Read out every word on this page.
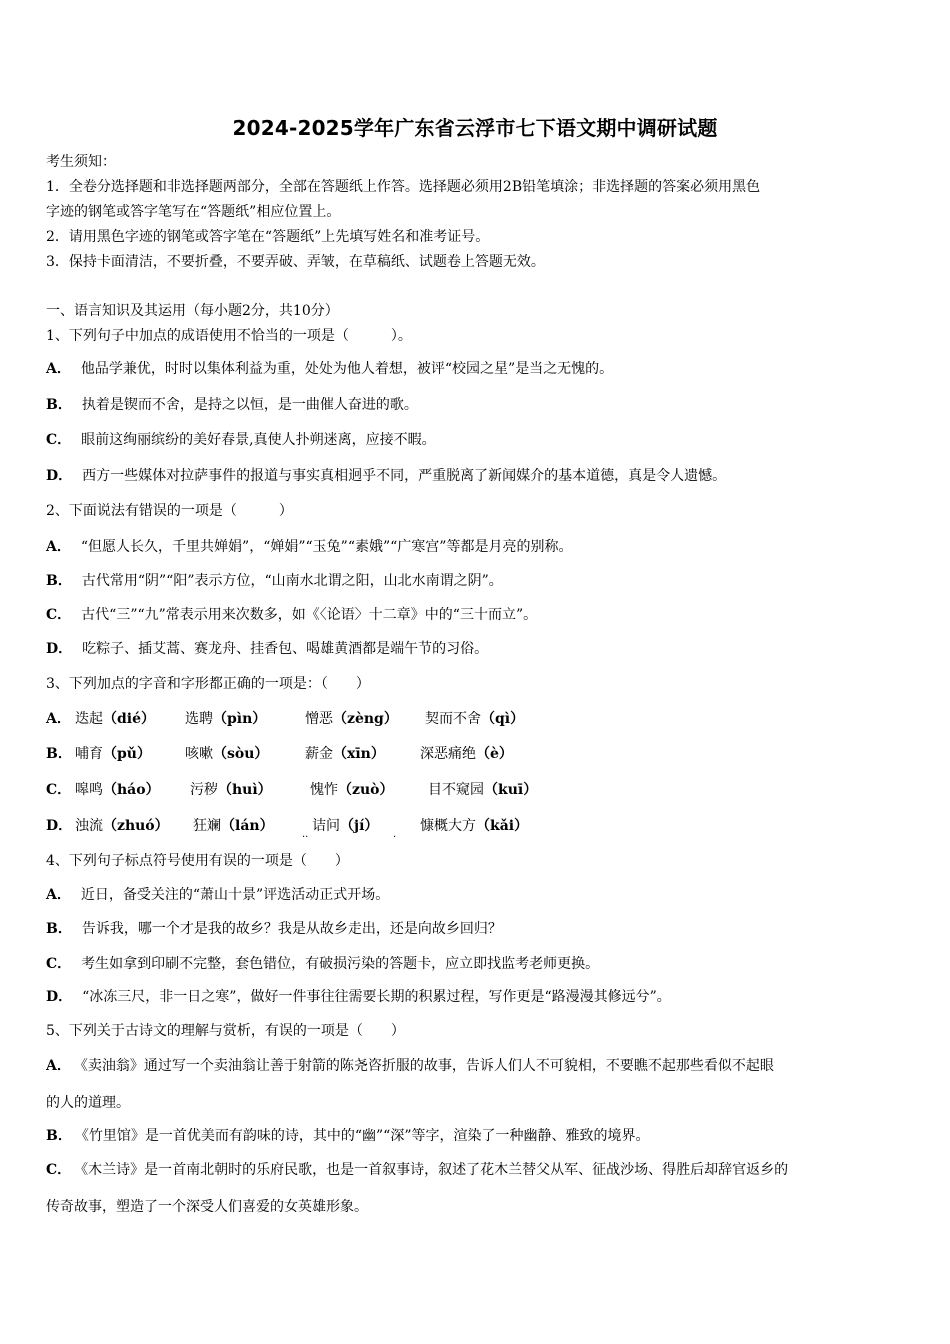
2024-2025学年广东省云浮市七下语文期中调研试题
考生须知：
1．全卷分选择题和非选择题两部分，全部在答题纸上作答。选择题必须用2B铅笔填涂；非选择题的答案必须用黑色
字迹的钢笔或答字笔写在“答题纸”相应位置上。
2．请用黑色字迹的钢笔或答字笔在“答题纸”上先填写姓名和准考证号。
3．保持卡面清洁，不要折叠，不要弄破、弄皱，在草稿纸、试题卷上答题无效。
一、语言知识及其运用（每小题2分，共10分）
1、下列句子中加点的成语使用不恰当的一项是（　　　）。
A． 他品学兼优，时时以集体利益为重，处处为他人着想，被评“校园之星”是当之无愧的。
B． 执着是锲而不舍，是持之以恒，是一曲催人奋进的歌。
C． 眼前这绚丽缤纷的美好春景,真使人扑朔迷离，应接不暇。
D． 西方一些媒体对拉萨事件的报道与事实真相迥乎不同，严重脱离了新闻媒介的基本道德，真是令人遗憾。
2、下面说法有错误的一项是（　　　）
A． “但愿人长久，千里共婵娟”，“婵娟”“玉兔”“素娥”“广寒宫”等都是月亮的别称。
B． 古代常用“阴”“阳”表示方位，“山南水北谓之阳，山北水南谓之阴”。
C． 古代“三”“九”常表示用来次数多，如《〈论语〉十二章》中的“三十而立”。
D． 吃粽子、插艾蒿、赛龙舟、挂香包、喝雄黄酒都是端午节的习俗。
3、下列加点的字音和字形都正确的一项是：（　　）
A． 迭起（dié） 选聘（pìn）	憎恶（zèng） 契而不舍（qì）
B． 哺育（pǔ） 咳嗽（sòu）	薪金（xīn）	深恶痛绝（è）
C． 嗥鸣（háo） 污秽（huì）	愧怍（zuò） 目不窥园（kuī）
D． 浊流（zhuó） 狂斓（lán）	诘问（jí）	慷概大方（kǎi）
··	·
4、下列句子标点符号使用有误的一项是（　　）
A． 近日，备受关注的“萧山十景”评选活动正式开场。
B． 告诉我，哪一个才是我的故乡？我是从故乡走出，还是向故乡回归？
C． 考生如拿到印刷不完整，套色错位，有破损污染的答题卡，应立即找监考老师更换。
D． “冰冻三尺，非一日之寒”，做好一件事往往需要长期的积累过程，写作更是“路漫漫其修远兮”。
5、下列关于古诗文的理解与赏析，有误的一项是（　　）
A． 《卖油翁》通过写一个卖油翁让善于射箭的陈尧咨折服的故事，告诉人们人不可貌相，不要瞧不起那些看似不起眼
的人的道理。
B． 《竹里馆》是一首优美而有韵味的诗，其中的“幽”“深”等字，渲染了一种幽静、雅致的境界。
C． 《木兰诗》是一首南北朝时的乐府民歌，也是一首叙事诗，叙述了花木兰替父从军、征战沙场、得胜后却辞官返乡的
传奇故事，塑造了一个深受人们喜爱的女英雄形象。
